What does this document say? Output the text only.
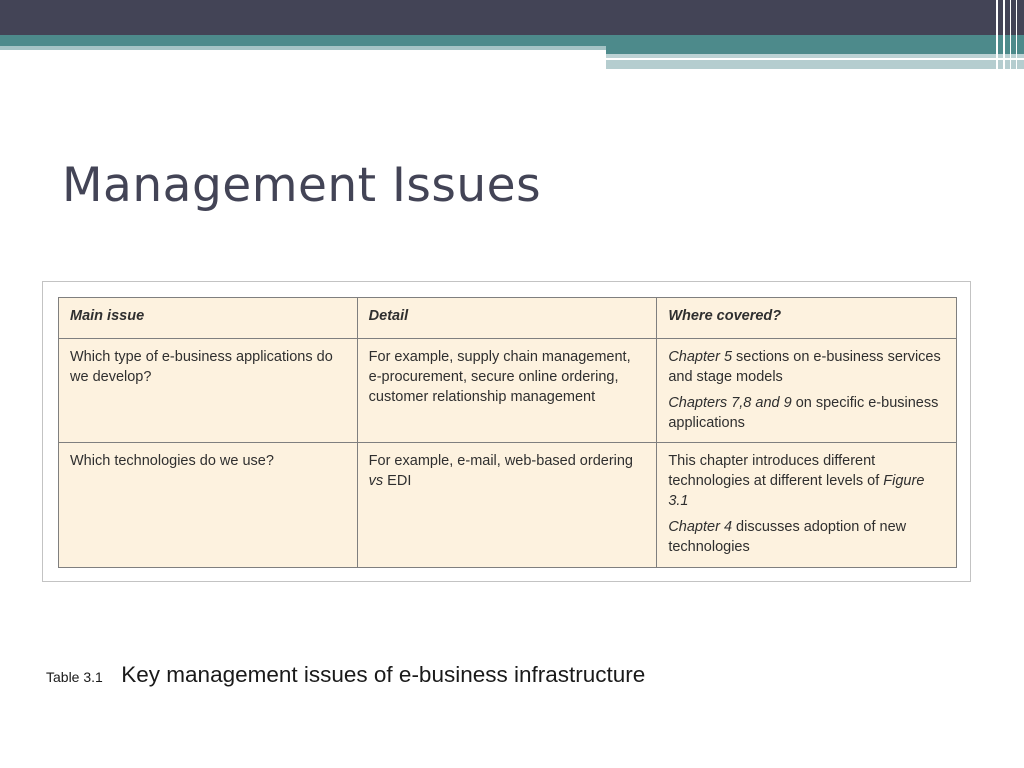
Management Issues
Main issue	Detail	Where covered?
Which type of e-business applications do we develop?	For example, supply chain management, e-procurement, secure online ordering, customer relationship management	Chapter 5 sections on e-business services and stage models

Chapters 7,8 and 9 on specific e-business applications

Which technologies do we use?	For example, e-mail, web-based ordering vs EDI	This chapter introduces different technologies at different levels of Figure 3.1

Chapter 4 discusses adoption of new technologies

Table 3.1 Key management issues of e-business infrastructure
